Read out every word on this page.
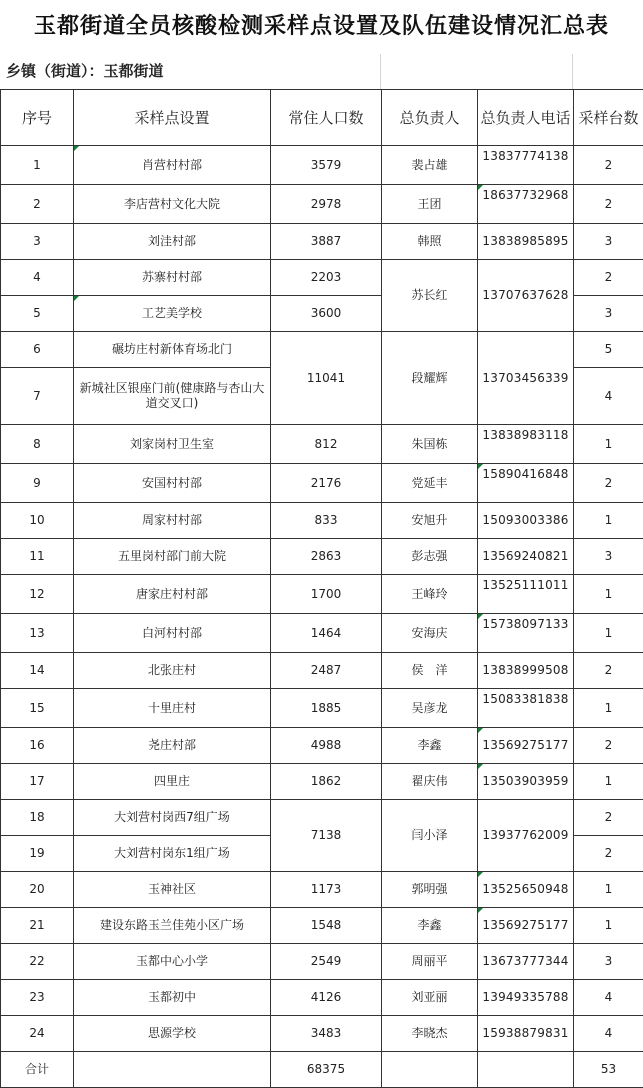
玉都街道全员核酸检测采样点设置及队伍建设情况汇总表
乡镇（街道）：玉都街道
序号	采样点设置	常住人口数	总负责人	总负责人电话	采样台数
1	肖营村村部	3579	裴占雄	13837774138	2
2	李店营村文化大院	2978	王团	18637732968	2
3	刘洼村部	3887	韩照	13838985895	3
4	苏寨村村部	2203	苏长红	13707637628	2
5	工艺美学校	3600			3
6	碾坊庄村新体育场北门	11041	段耀辉	13703456339	5
7	新城社区银座门前(健康路与杏山大道交叉口)				4
8	刘家岗村卫生室	812	朱国栋	13838983118	1
9	安国村村部	2176	党延丰	15890416848	2
10	周家村村部	833	安旭升	15093003386	1
11	五里岗村部门前大院	2863	彭志强	13569240821	3
12	唐家庄村村部	1700	王峰玲	13525111011	1
13	白河村村部	1464	安海庆	15738097133	1
14	北张庄村	2487	侯　洋	13838999508	2
15	十里庄村	1885	吴彦龙	15083381838	1
16	尧庄村部	4988	李鑫	13569275177	2
17	四里庄	1862	翟庆伟	13503903959	1
18	大刘营村岗西7组广场	7138	闫小泽	13937762009	2
19	大刘营村岗东1组广场				2
20	玉神社区	1173	郭明强	13525650948	1
21	建设东路玉兰佳苑小区广场	1548	李鑫	13569275177	1
22	玉都中心小学	2549	周丽平	13673777344	3
23	玉都初中	4126	刘亚丽	13949335788	4
24	思源学校	3483	李晓杰	15938879831	4
合计		68375			53
